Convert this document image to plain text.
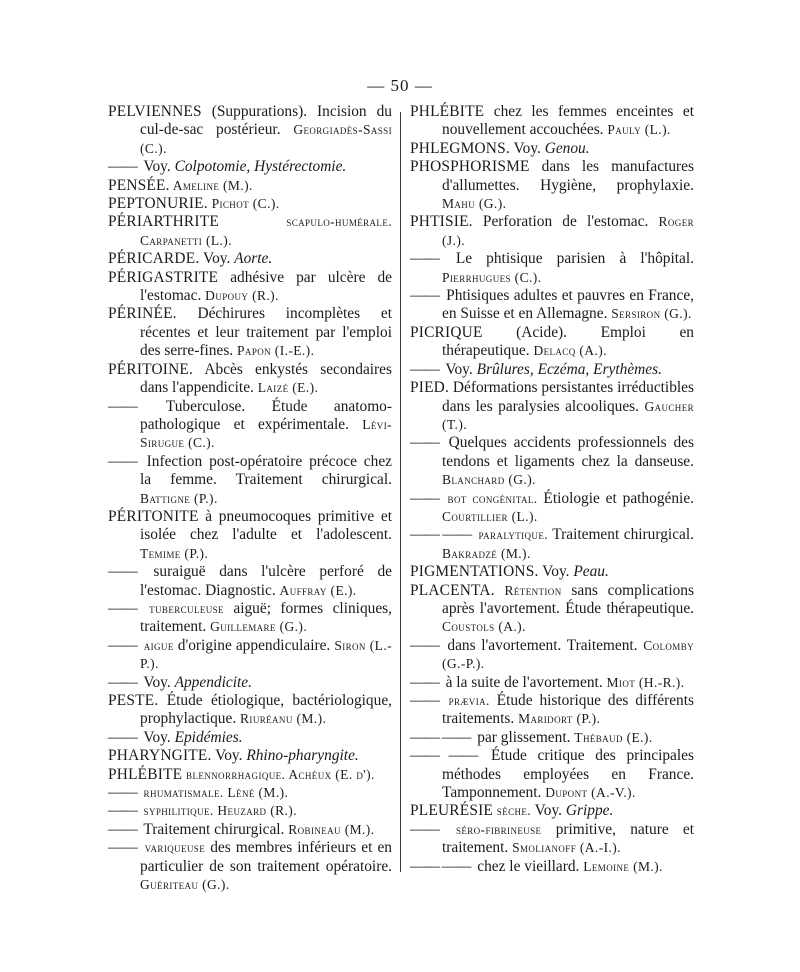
— 50 —

PELVIENNES (Suppurations). Incision du cul-de-sac postérieur. Georgiadès-Sassi (C.).

—— Voy. Colpotomie, Hystérectomie.

PENSÉE. Ameline (M.).

PEPTONURIE. Pichot (C.).

PÉRIARTHRITE scapulo-humérale. Carpanetti (L.).

PÉRICARDE. Voy. Aorte.

PÉRIGASTRITE adhésive par ulcère de l'estomac. Dupouy (R.).

PÉRINÉE. Déchirures incomplètes et récentes et leur traitement par l'emploi des serre-fines. Papon (I.-E.).

PÉRITOINE. Abcès enkystés secondaires dans l'appendicite. Laizé (E.).

—— Tuberculose. Étude anatomo-pathologique et expérimentale. Lévi-Sirugue (C.).

—— Infection post-opératoire précoce chez la femme. Traitement chirurgical. Battigne (P.).

PÉRITONITE à pneumocoques primitive et isolée chez l'adulte et l'adolescent. Temime (P.).

—— suraiguë dans l'ulcère perforé de l'estomac. Diagnostic. Auffray (E.).

—— tuberculeuse aiguë; formes cliniques, traitement. Guillemare (G.).

—— aigue d'origine appendiculaire. Siron (L.-P.).

—— Voy. Appendicite.

PESTE. Étude étiologique, bactériologique, prophylactique. Riuréanu (M.).

—— Voy. Epidémies.

PHARYNGITE. Voy. Rhino-pharyngite.

PHLÉBITE blennorrhagique. Achéux (E. d').

—— rhumatismale. Léné (M.).

—— syphilitique. Heuzard (R.).

—— Traitement chirurgical. Robineau (M.).

—— variqueuse des membres inférieurs et en particulier de son traitement opératoire. Guériteau (G.).

PHLÉBITE chez les femmes enceintes et nouvellement accouchées. Pauly (L.).

PHLEGMONS. Voy. Genou.

PHOSPHORISME dans les manufactures d'allumettes. Hygiène, prophylaxie. Mahu (G.).

PHTISIE. Perforation de l'estomac. Roger (J.).

—— Le phtisique parisien à l'hôpital. Pierrhugues (C.).

—— Phtisiques adultes et pauvres en France, en Suisse et en Allemagne. Sersiron (G.).

PICRIQUE (Acide). Emploi en thérapeutique. Delacq (A.).

—— Voy. Brûlures, Eczéma, Erythèmes.

PIED. Déformations persistantes irréductibles dans les paralysies alcooliques. Gaucher (T.).

—— Quelques accidents professionnels des tendons et ligaments chez la danseuse. Blanchard (G.).

—— bot congénital. Étiologie et pathogénie. Courtillier (L.).

—— —— paralytique. Traitement chirurgical. Bakradzé (M.).

PIGMENTATIONS. Voy. Peau.

PLACENTA. Rétention sans complications après l'avortement. Étude thérapeutique. Coustols (A.).

—— dans l'avortement. Traitement. Colomby (G.-P.).

—— à la suite de l'avortement. Miot (H.-R.).

—— prævia. Étude historique des différents traitements. Maridort (P.).

—— —— par glissement. Thébaud (E.).

—— —— Étude critique des principales méthodes employées en France. Tamponnement. Dupont (A.-V.).

PLEURÉSIE sèche. Voy. Grippe.

—— séro-fibrineuse primitive, nature et traitement. Smolianoff (A.-I.).

—— —— chez le vieillard. Lemoine (M.).
